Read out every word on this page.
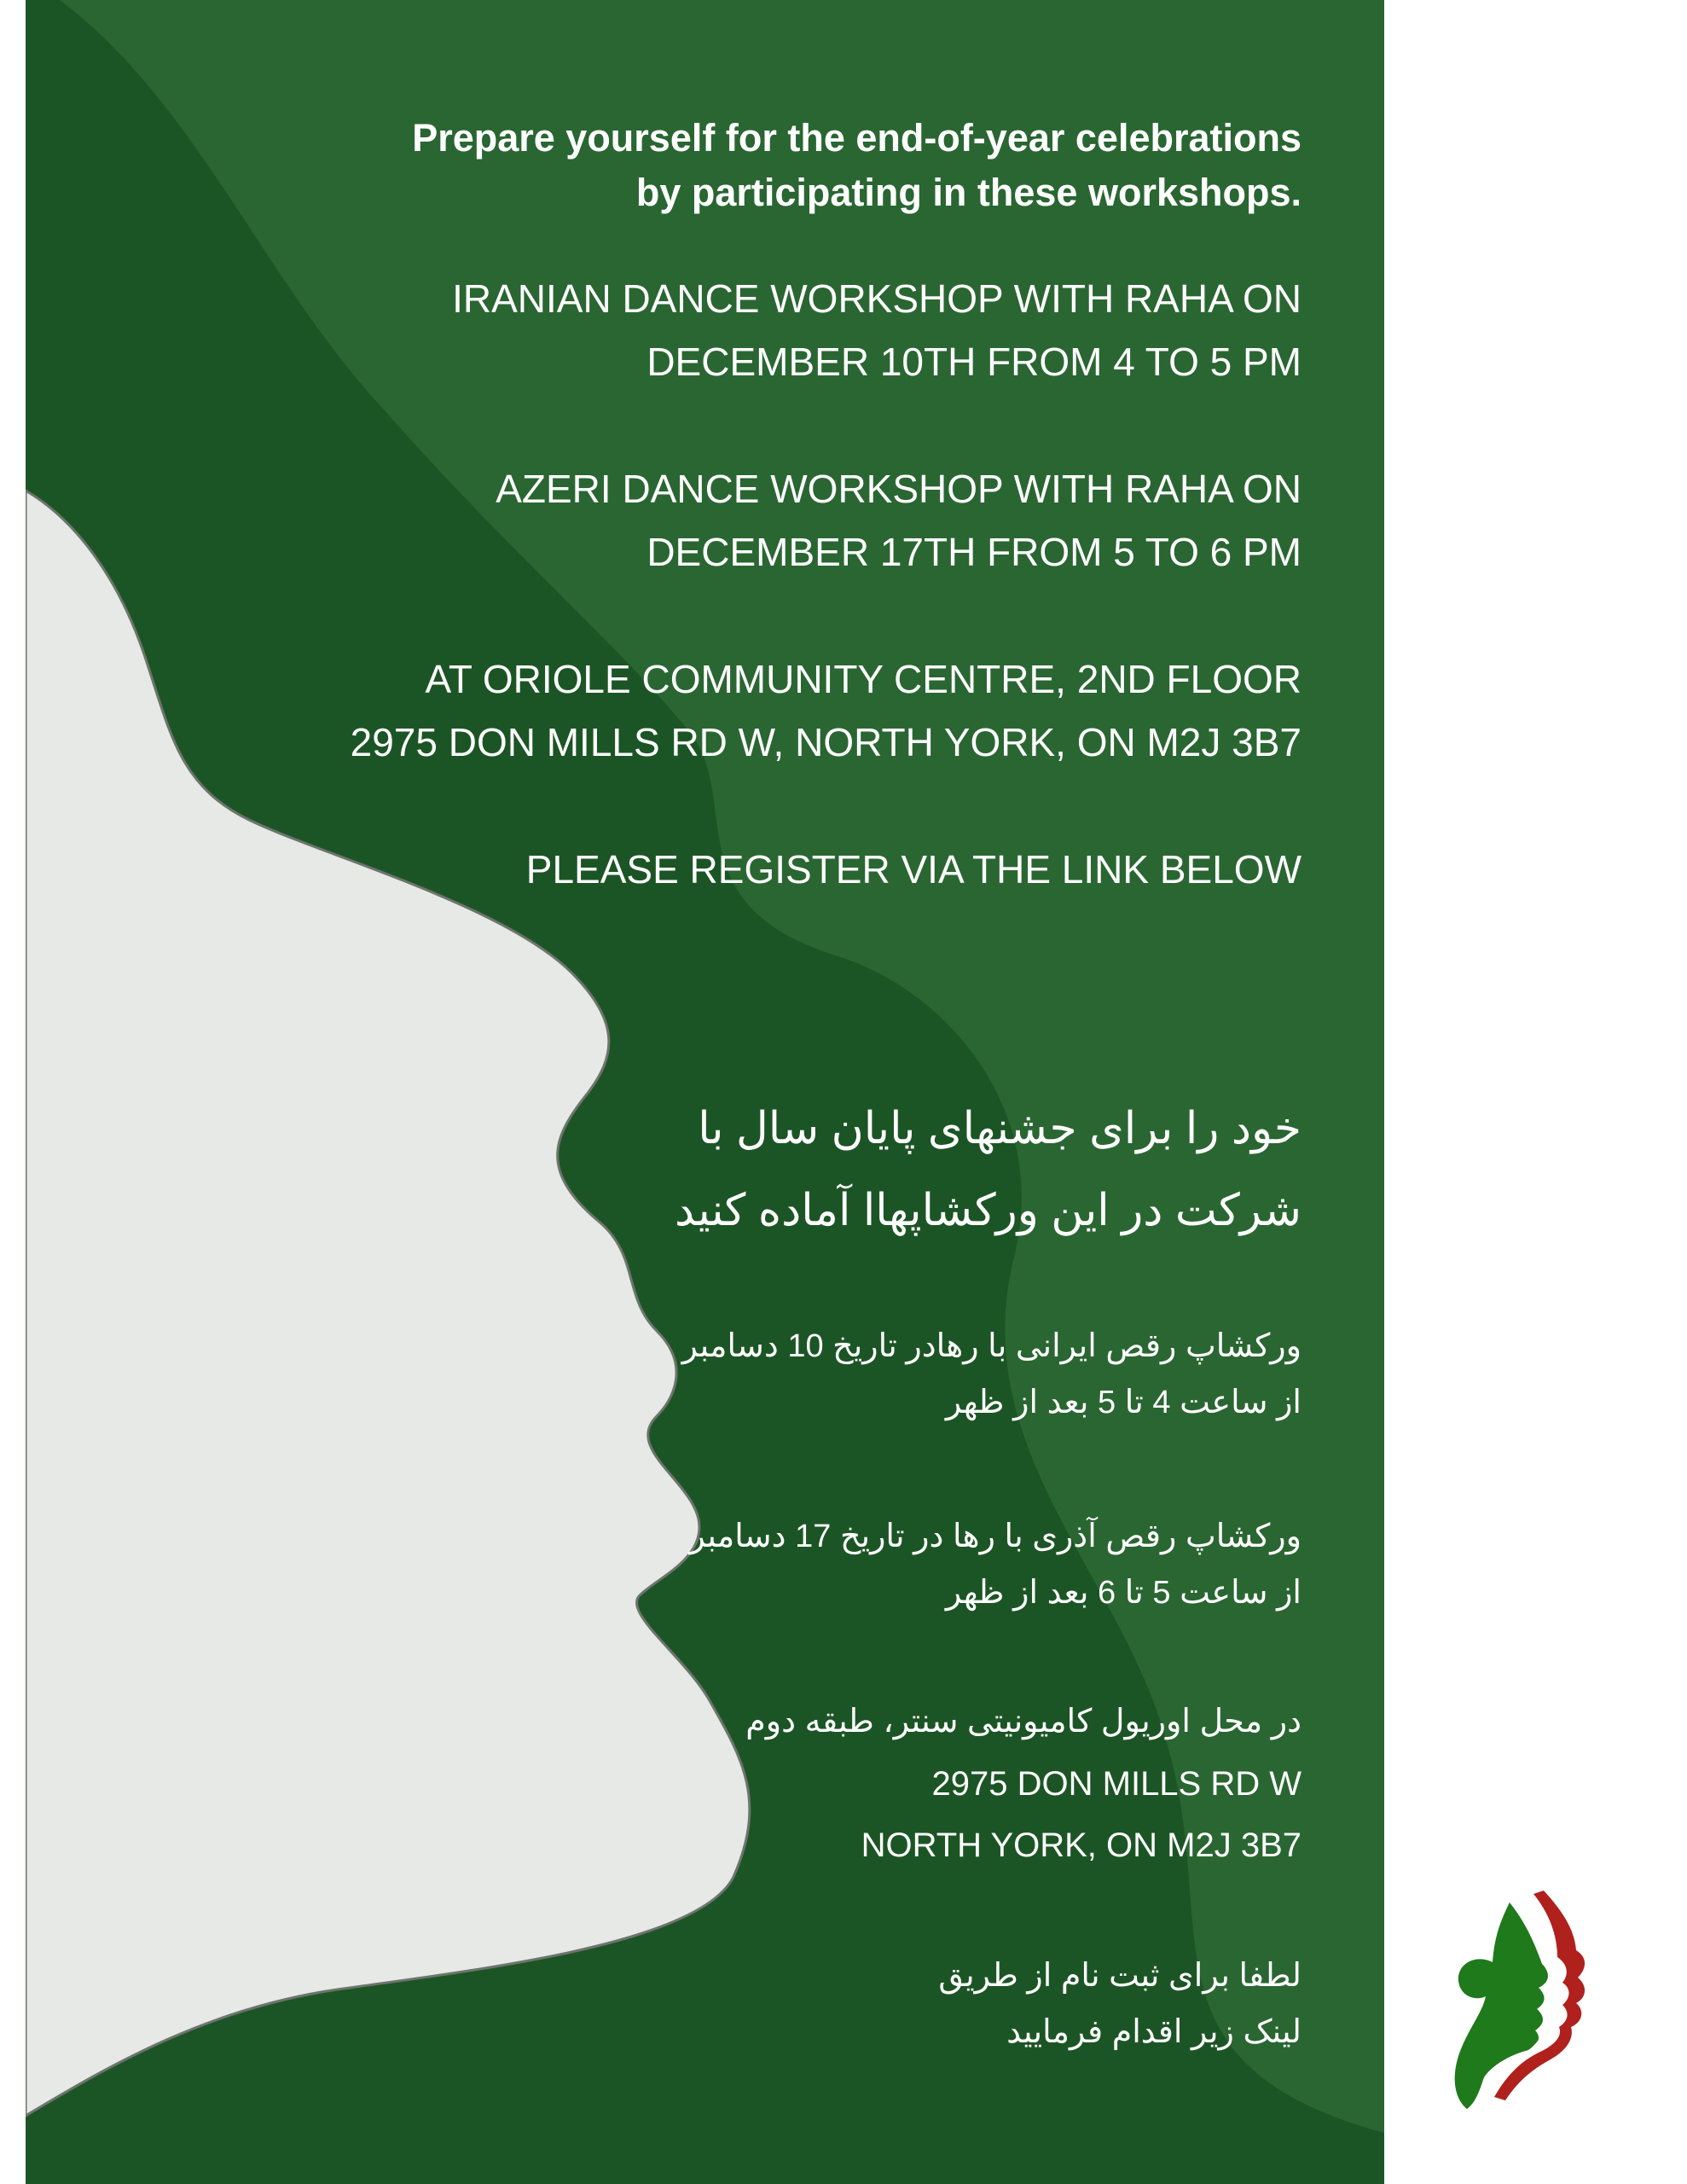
Prepare yourself for the end-of-year celebrations
by participating in these workshops.
IRANIAN DANCE WORKSHOP WITH RAHA ON
DECEMBER 10TH FROM 4 TO 5 PM
AZERI DANCE WORKSHOP WITH RAHA ON
DECEMBER 17TH FROM 5 TO 6 PM
AT ORIOLE COMMUNITY CENTRE, 2ND FLOOR
2975 DON MILLS RD W, NORTH YORK, ON M2J 3B7
PLEASE REGISTER VIA THE LINK BELOW
خود را برای جشنهای پایان سال با
شرکت در این ورکشاپهاا آماده کنید
ورکشاپ رقص ایرانی با رهادر تاریخ 10 دسامبر
از ساعت 4 تا 5 بعد از ظهر
ورکشاپ رقص آذری با رها در تاریخ 17 دسامبر
از ساعت 5 تا 6 بعد از ظهر
در محل اوریول کامیونیتی سنتر، طبقه دوم
2975 DON MILLS RD W
NORTH YORK, ON M2J 3B7
لطفا برای ثبت نام از طریق
لینک زیر اقدام فرمایید
